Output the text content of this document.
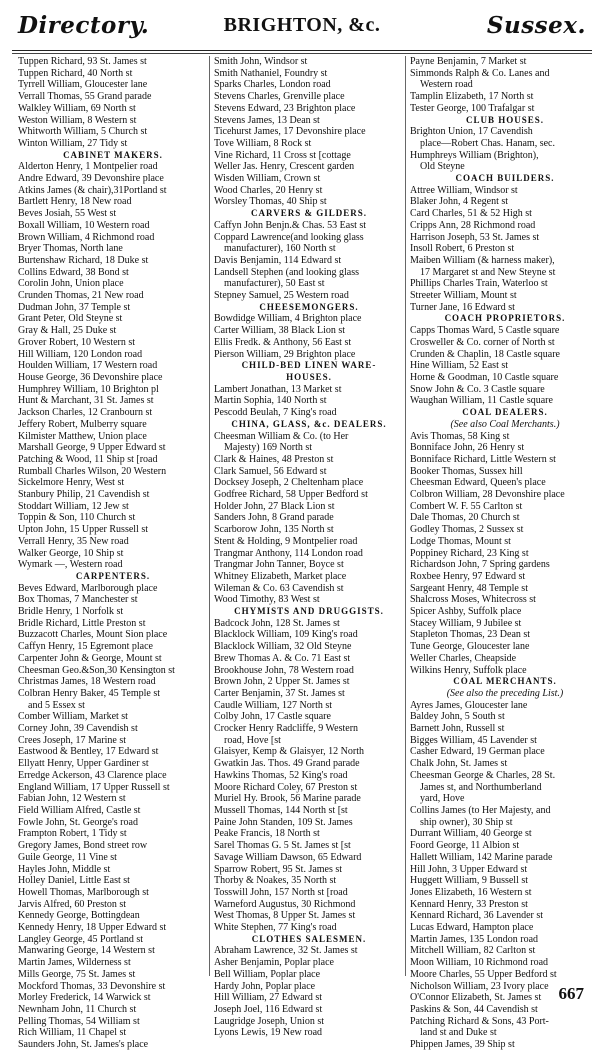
Directory.	BRIGHTON, &c.	Sussex.
Tuppen Richard, 93 St. James st
Tuppen Richard, 40 North st
Tyrrell William, Gloucester lane
Verrall Thomas, 55 Grand parade
Walkley William, 69 North st
Weston William, 8 Western st
Whitworth William, 5 Church st
Winton William, 27 Tidy st
CABINET MAKERS.
Alderton Henry, 1 Montpelier road
Andre Edward, 39 Devonshire place
Atkins James (& chair),31Portland st
Bartlett Henry, 18 New road
Beves Josiah, 55 West st
Boxall William, 10 Western road
Brown William, 4 Richmond road
Bryer Thomas, North lane
Burtenshaw Richard, 18 Duke st
Collins Edward, 38 Bond st
Corolin John, Union place
Crunden Thomas, 21 New road
Dudman John, 37 Temple st
Grant Peter, Old Steyne st
Gray & Hall, 25 Duke st
Grover Robert, 10 Western st
Hill William, 120 London road
Houlden William, 17 Western road
House George, 36 Devonshire place
Humphrey William, 10 Brighton pl
Hunt & Marchant, 31 St. James st
Jackson Charles, 12 Cranbourn st
Jeffery Robert, Mulberry square
Kilmister Matthew, Union place
Marshall George, 9 Upper Edward st
Patching & Wood, 11 Ship st [road
Rumball Charles Wilson, 20 Western
Sickelmore Henry, West st
Stanbury Philip, 21 Cavendish st
Stoddart William, 12 Jew st
Toppin & Son, 110 Church st
Upton John, 15 Upper Russell st
Verrall Henry, 35 New road
Walker George, 10 Ship st
Wymark —, Western road
CARPENTERS.
Beves Edward, Marlborough place
Box Thomas, 7 Manchester st
Bridle Henry, 1 Norfolk st
Bridle Richard, Little Preston st
Buzzacott Charles, Mount Sion place
Caffyn Henry, 15 Egremont place
Carpenter John & George, Mount st
Cheesman Geo.&Son,30 Kensington st
Christmas James, 18 Western road
Colbran Henry Baker, 45 Temple st
and 5 Essex st
Comber William, Market st
Corney John, 39 Cavendish st
Crees Joseph, 17 Marine st
Eastwood & Bentley, 17 Edward st
Ellyatt Henry, Upper Gardiner st
Erredge Ackerson, 43 Clarence place
England William, 17 Upper Russell st
Fabian John, 12 Western st
Field William Alfred, Castle st
Fowle John, St. George's road
Frampton Robert, 1 Tidy st
Gregory James, Bond street row
Guile George, 11 Vine st
Hayles John, Middle st
Holley Daniel, Little East st
Howell Thomas, Marlborough st
Jarvis Alfred, 60 Preston st
Kennedy George, Bottingdean
Kennedy Henry, 18 Upper Edward st
Langley George, 45 Portland st
Manwaring George, 14 Western st
Martin James, Wilderness st
Mills George, 75 St. James st
Mockford Thomas, 33 Devonshire st
Morley Frederick, 14 Warwick st
Newnham John, 11 Church st
Pelling Thomas, 54 William st
Rich William, 11 Chapel st
Saunders John, St. James's place
Smith John, Windsor st
Smith Nathaniel, Foundry st
Sparks Charles, London road
Stevens Charles, Grenville place
Stevens Edward, 23 Brighton place
Stevens James, 13 Dean st
Ticehurst James, 17 Devonshire place
Tove William, 8 Rock st
Vine Richard, 11 Cross st [cottage
Weller Jas. Henry, Crescent garden
Wisden William, Crown st
Wood Charles, 20 Henry st
Worsley Thomas, 40 Ship st
CARVERS & GILDERS.
Caffyn John Benjn.& Chas. 53 East st
Coppard Lawrence(and looking glass
manufacturer), 160 North st
Davis Benjamin, 114 Edward st
Landsell Stephen (and looking glass
manufacturer), 50 East st
Stepney Samuel, 25 Western road
CHEESEMONGERS.
Bowdidge William, 4 Brighton place
Carter William, 38 Black Lion st
Ellis Fredk. & Anthony, 56 East st
Pierson William, 29 Brighton place
CHILD-BED LINEN WARE-
HOUSES.
Lambert Jonathan, 13 Market st
Martin Sophia, 140 North st
Pescodd Beulah, 7 King's road
CHINA, GLASS, &c. DEALERS.
Cheesman William & Co. (to Her
Majesty) 169 North st
Clark & Haines, 48 Preston st
Clark Samuel, 56 Edward st
Docksey Joseph, 2 Cheltenham place
Godfree Richard, 58 Upper Bedford st
Holder John, 27 Black Lion st
Sanders John, 8 Grand parade
Scarborow John, 135 North st
Stent & Holding, 9 Montpelier road
Trangmar Anthony, 114 London road
Trangmar John Tanner, Boyce st
Whitney Elizabeth, Market place
Wileman & Co. 63 Cavendish st
Wood Timothy, 83 West st
CHYMISTS AND DRUGGISTS.
Badcock John, 128 St. James st
Blacklock William, 109 King's road
Blacklock William, 32 Old Steyne
Brew Thomas A. & Co. 71 East st
Brookhouse John, 78 Western road
Brown John, 2 Upper St. James st
Carter Benjamin, 37 St. James st
Caudle William, 127 North st
Colby John, 17 Castle square
Crocker Henry Radcliffe, 9 Western
road, Hove [st
Glaisyer, Kemp & Glaisyer, 12 North
Gwatkin Jas. Thos. 49 Grand parade
Hawkins Thomas, 52 King's road
Moore Richard Coley, 67 Preston st
Muriel Hy. Brook, 56 Marine parade
Mussell Thomas, 144 North st [st
Paine John Standen, 109 St. James
Peake Francis, 18 North st
Sarel Thomas G. 5 St. James st [st
Savage William Dawson, 65 Edward
Sparrow Robert, 95 St. James st
Thorby & Noakes, 35 North st
Tosswill John, 157 North st [road
Warneford Augustus, 30 Richmond
West Thomas, 8 Upper St. James st
White Stephen, 77 King's road
CLOTHES SALESMEN.
Abraham Lawrence, 32 St. James st
Asher Benjamin, Poplar place
Bell William, Poplar place
Hardy John, Poplar place
Hill William, 27 Edward st
Joseph Joel, 116 Edward st
Laugridge Joseph, Union st
Lyons Lewis, 19 New road
Payne Benjamin, 7 Market st
Simmonds Ralph & Co. Lanes and
Western road
Tamplin Elizabeth, 17 North st
Tester George, 100 Trafalgar st
CLUB HOUSES.
Brighton Union, 17 Cavendish
place—Robert Chas. Hanam, sec.
Humphreys William (Brighton),
Old Steyne
COACH BUILDERS.
Attree William, Windsor st
Blaker John, 4 Regent st
Card Charles, 51 & 52 High st
Cripps Ann, 28 Richmond road
Harrison Joseph, 53 St. James st
Insoll Robert, 6 Preston st
Maiben William (& harness maker),
17 Margaret st and New Steyne st
Phillips Charles Train, Waterloo st
Streeter William, Mount st
Turner Jane, 16 Edward st
COACH PROPRIETORS.
Capps Thomas Ward, 5 Castle square
Crosweller & Co. corner of North st
Crunden & Chaplin, 18 Castle square
Hine William, 52 East st
Horne & Goodman, 10 Castle square
Snow John & Co. 3 Castle square
Waughan William, 11 Castle square
COAL DEALERS.
(See also Coal Merchants.)
Avis Thomas, 58 King st
Bonniface John, 26 Henry st
Bonniface Richard, Little Western st
Booker Thomas, Sussex hill
Cheesman Edward, Queen's place
Colbron William, 28 Devonshire place
Combert W. F. 55 Carlton st
Dale Thomas, 20 Church st
Godley Thomas, 2 Sussex st
Lodge Thomas, Mount st
Poppiney Richard, 23 King st
Richardson John, 7 Spring gardens
Roxbee Henry, 97 Edward st
Sargeant Henry, 48 Temple st
Shalcross Moses, Whitecross st
Spicer Ashby, Suffolk place
Stacey William, 9 Jubilee st
Stapleton Thomas, 23 Dean st
Tune George, Gloucester lane
Weller Charles, Cheapside
Wilkins Henry, Suffolk place
COAL MERCHANTS.
(See also the preceding List.)
Ayres James, Gloucester lane
Baldey John, 5 South st
Barnett John, Russell st
Bigges William, 45 Lavender st
Casher Edward, 19 German place
Chalk John, St. James st
Cheesman George & Charles, 28 St.
James st, and Northumberland
yard, Hove
Collins James (to Her Majesty, and
ship owner), 30 Ship st
Durrant William, 40 George st
Foord George, 11 Albion st
Hallett William, 142 Marine parade
Hill John, 3 Upper Edward st
Huggett William, 9 Bussell st
Jones Elizabeth, 16 Western st
Kennard Henry, 33 Preston st
Kennard Richard, 36 Lavender st
Lucas Edward, Hampton place
Martin James, 135 London road
Mitchell William, 82 Carlton st
Moon William, 10 Richmond road
Moore Charles, 55 Upper Bedford st
Nicholson William, 23 Ivory place
O'Connor Elizabeth, St. James st
Paskins & Son, 44 Cavendish st
Patching Richard & Sons, 43 Port-
land st and Duke st
Phippen James, 39 Ship st
667
